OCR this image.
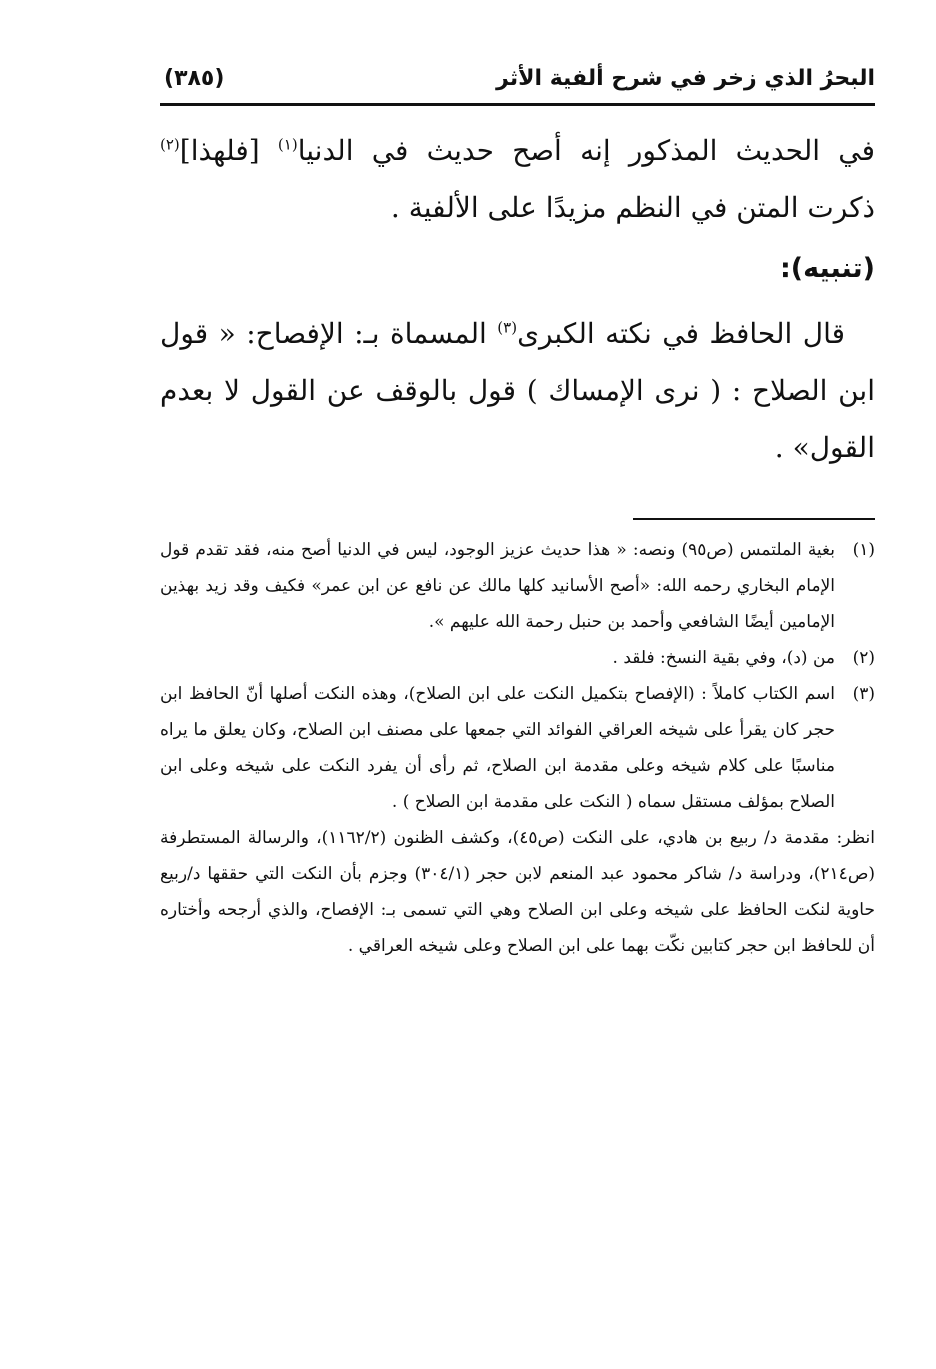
البحرُ الذي زخر في شرح ألفية الأثر
(٣٨٥)

في الحديث المذكور إنه أصح حديث في الدنيا$^{(١)}$ [فلهذا]$^{(٢)}$ ذكرت المتن في النظم مزيدًا على الألفية .

(تنبيه):

قال الحافظ في نكته الكبرى$^{(٣)}$ المسماة بـ: الإفصاح: « قول ابن الصلاح : ( نرى الإمساك ) قول بالوقف عن القول لا بعدم القول» .

(١)
بغية الملتمس (ص٩٥) ونصه: « هذا حديث عزيز الوجود، ليس في الدنيا أصح منه، فقد تقدم قول الإمام البخاري رحمه الله: «أصح الأسانيد كلها مالك عن نافع عن ابن عمر» فكيف وقد زيد بهذين الإمامين أيضًا الشافعي وأحمد بن حنبل رحمة الله عليهم ».

(٢)
من (د)، وفي بقية النسخ: فلقد .

(٣)
اسم الكتاب كاملاً : (الإفصاح بتكميل النكت على ابن الصلاح)، وهذه النكت أصلها أنّ الحافظ ابن حجر كان يقرأ على شيخه العراقي الفوائد التي جمعها على مصنف ابن الصلاح، وكان يعلق ما يراه مناسبًا على كلام شيخه وعلى مقدمة ابن الصلاح، ثم رأى أن يفرد النكت على شيخه وعلى ابن الصلاح بمؤلف مستقل سماه ( النكت على مقدمة ابن الصلاح ) .

انظر: مقدمة د/ ربيع بن هادي، على النكت (ص٤٥)، وكشف الظنون (١١٦٢/٢)، والرسالة المستطرفة (ص٢١٤)، ودراسة د/ شاكر محمود عبد المنعم لابن حجر (٣٠٤/١) وجزم بأن النكت التي حققها د/ربيع حاوية لنكت الحافظ على شيخه وعلى ابن الصلاح وهي التي تسمى بـ: الإفصاح، والذي أرجحه وأختاره أن للحافظ ابن حجر كتابين نكّت بهما على ابن الصلاح وعلى شيخه العراقي .
